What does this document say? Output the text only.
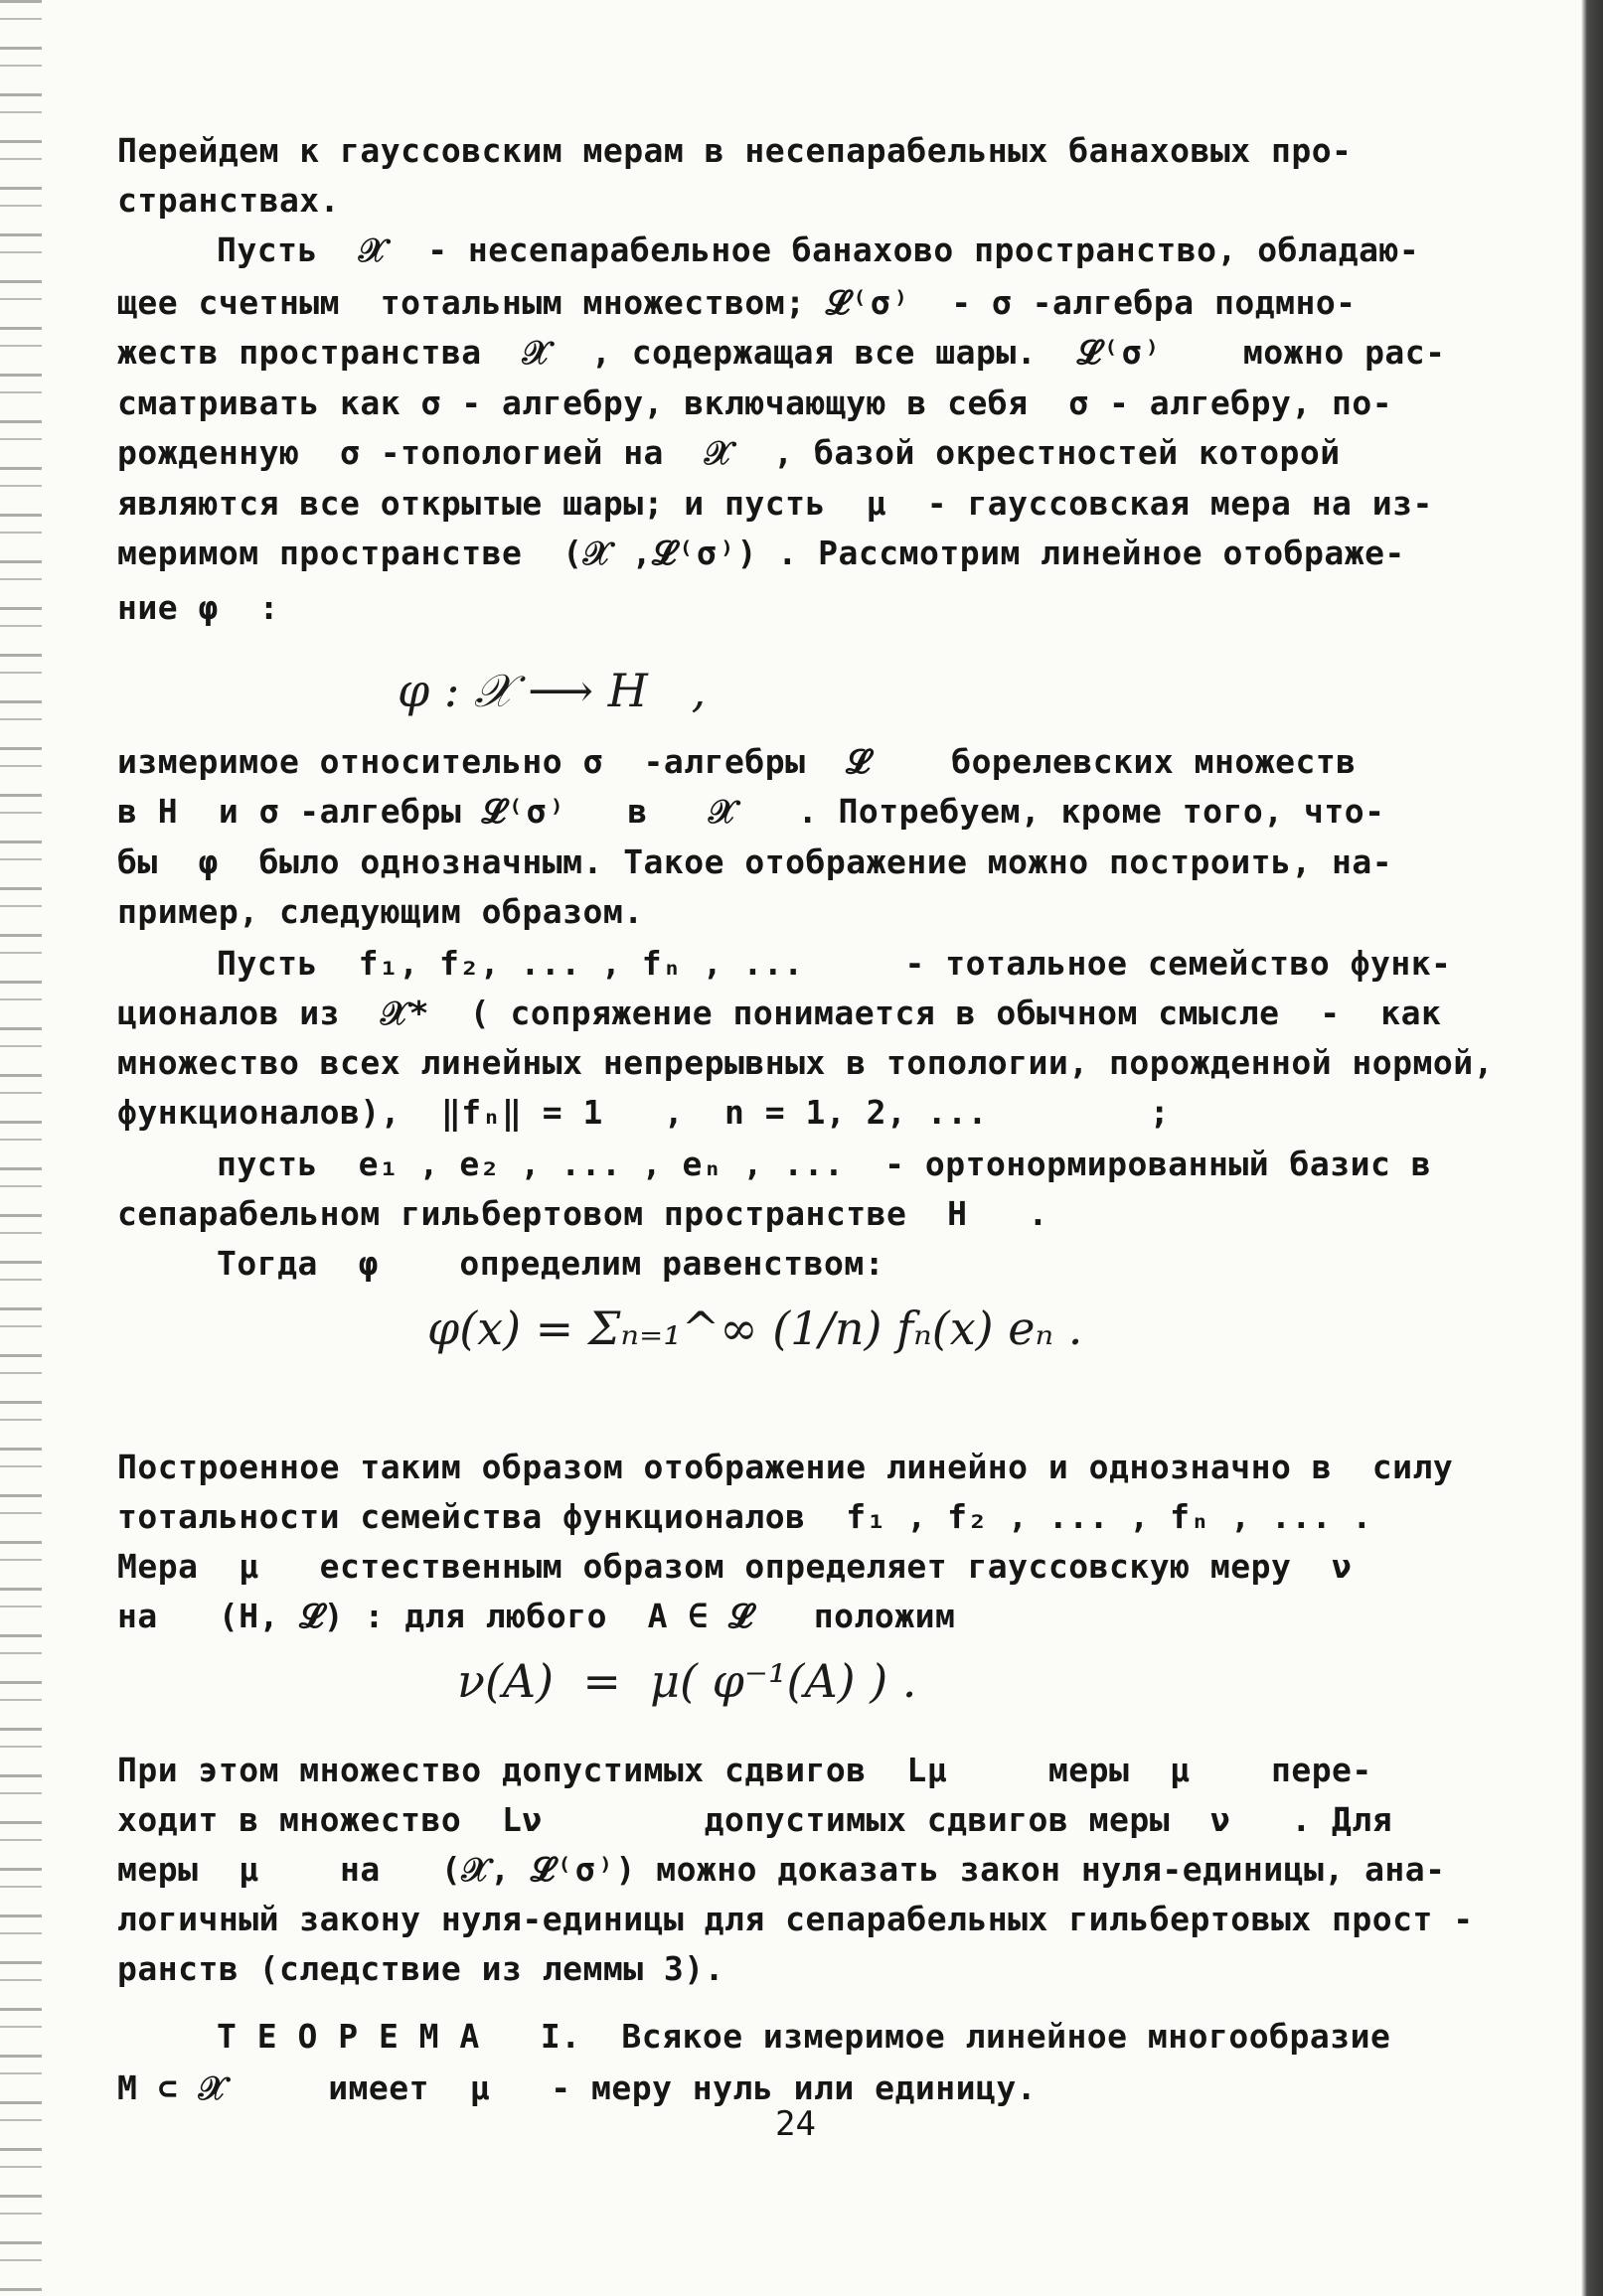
Перейдем к гауссовским мерам в несепарабельных банаховых про-
странствах.
Пусть  𝒳  - несепарабельное банахово пространство, обладаю-
щее счетным  тотальным множеством; 𝓛⁽σ⁾  - σ -алгебра подмно-
жеств пространства  𝒳  , содержащая все шары.  𝓛⁽σ⁾    можно рас-
сматривать как σ - алгебру, включающую в себя  σ - алгебру, по-
рожденную  σ -топологией на  𝒳  , базой окрестностей которой
являются все открытые шары; и пусть  μ  - гауссовская мера на из-
меримом пространстве  (𝒳 ,𝓛⁽σ⁾) . Рассмотрим линейное отображе-
ние φ  :
φ : 𝒳 ⟶ H   ,
измеримое относительно σ  -алгебры  𝓛    борелевских множеств
в H  и σ -алгебры 𝓛⁽σ⁾   в   𝒳   . Потребуем, кроме того, что-
бы  φ  было однозначным. Такое отображение можно построить, на-
пример, следующим образом.
Пусть  f₁, f₂, ... , fₙ , ...     - тотальное семейство функ-
ционалов из  𝒳*  ( сопряжение понимается в обычном смысле  -  как
множество всех линейных непрерывных в топологии, порожденной нормой,
функционалов),  ‖fₙ‖ = 1   ,  n = 1, 2, ...        ;
пусть  e₁ , e₂ , ... , eₙ , ...  - ортонормированный базис в
сепарабельном гильбертовом пространстве  H   .
Тогда  φ    определим равенством:
φ(x) = Σₙ₌₁^∞ (1/n) fₙ(x) eₙ .
Построенное таким образом отображение линейно и однозначно в  силу
тотальности семейства функционалов  f₁ , f₂ , ... , fₙ , ... .
Мера  μ   естественным образом определяет гауссовскую меру  ν
на   (H, 𝓛) : для любого  A ∈ 𝓛   положим
ν(A)  =  μ( φ⁻¹(A) ) .
При этом множество допустимых сдвигов  Lμ     меры  μ    пере-
ходит в множество  Lν        допустимых сдвигов меры  ν   . Для
меры  μ    на   (𝒳, 𝓛⁽σ⁾) можно доказать закон нуля-единицы, ана-
логичный закону нуля-единицы для сепарабельных гильбертовых прост -
ранств (следствие из леммы 3).
Т Е О Р Е М А   I.  Всякое измеримое линейное многообразие
M ⊂ 𝒳     имеет  μ   - меру нуль или единицу.
24
